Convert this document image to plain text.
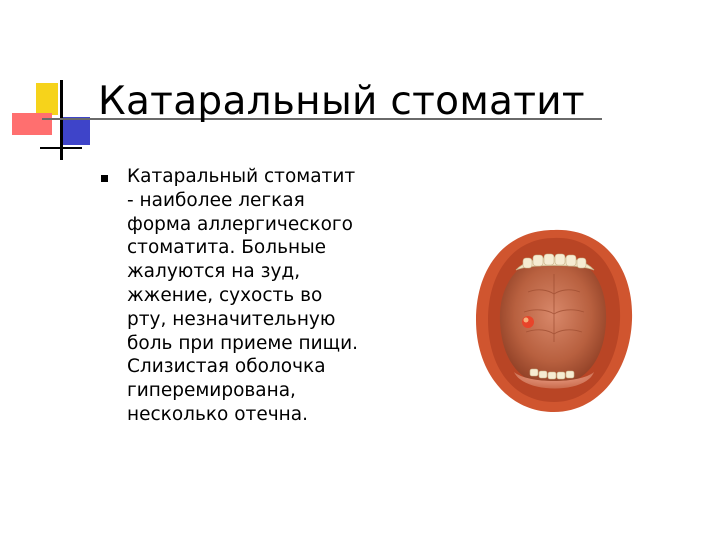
Катаральный стоматит
Катаральный стоматит
- наиболее легкая
форма аллергического
стоматита. Больные
жалуются на зуд,
жжение, сухость во
рту, незначительную
боль при приеме пищи.
Слизистая оболочка
гиперемирована,
несколько отечна.
